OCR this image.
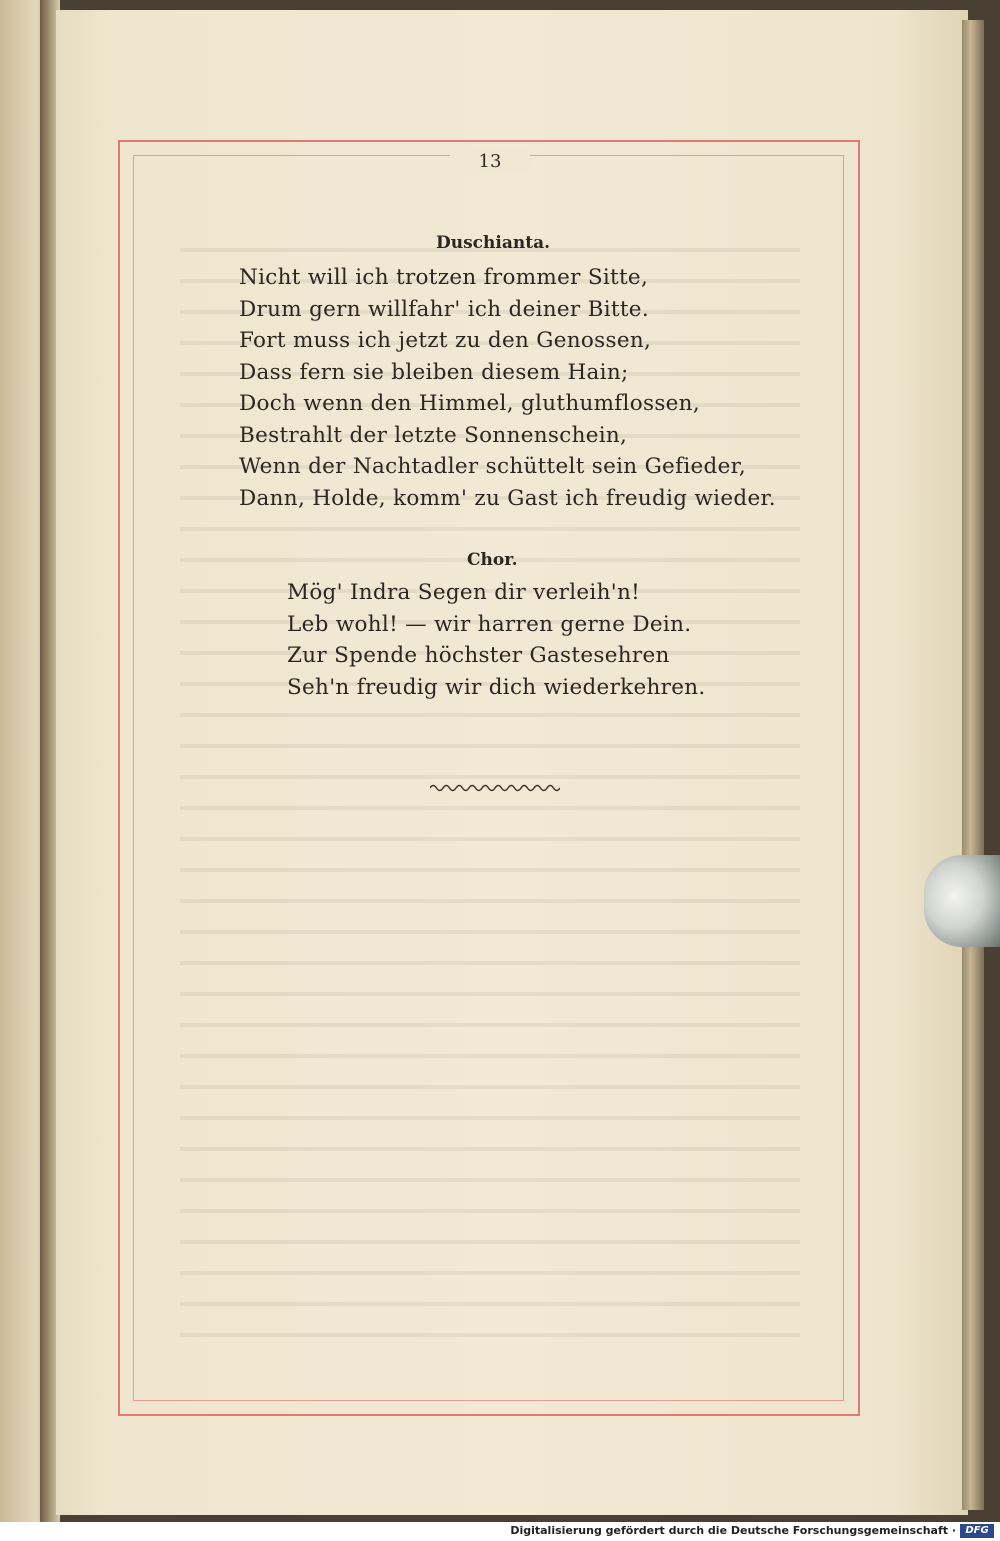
13
Duschianta.
Nicht will ich trotzen frommer Sitte,
Drum gern willfahr' ich deiner Bitte.
Fort muss ich jetzt zu den Genossen,
Dass fern sie bleiben diesem Hain;
Doch wenn den Himmel, gluthumflossen,
Bestrahlt der letzte Sonnenschein,
Wenn der Nachtadler schüttelt sein Gefieder,
Dann, Holde, komm' zu Gast ich freudig wieder.
Chor.
Mög' Indra Segen dir verleih'n!
Leb wohl! — wir harren gerne Dein.
Zur Spende höchster Gastesehren
Seh'n freudig wir dich wiederkehren.
Digitalisierung gefördert durch die Deutsche Forschungsgemeinschaft · DFG
